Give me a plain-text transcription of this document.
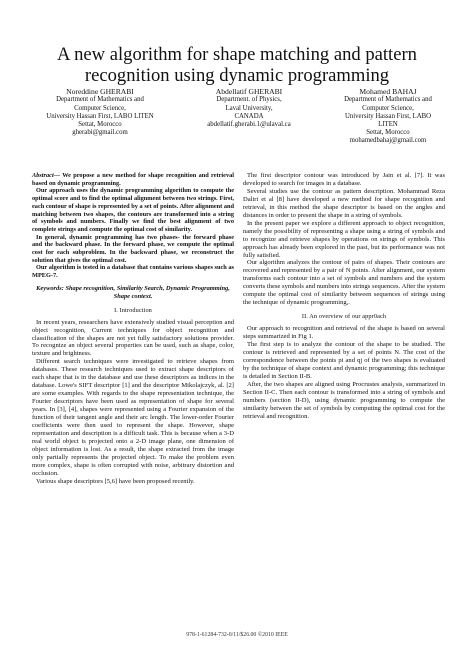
A new algorithm for shape matching and pattern recognition using dynamic programming
Noreddine GHERABI
Department of Mathematics and
Computer Science,
University Hassan First, LABO LITEN
Settat, Morocco
gherabi@gmail.com
Abdellatif GHERABI
Department. of Physics,
Laval University,
CANADA
abdellatif.gherabi.1@ulaval.ca
Mohamed BAHAJ
Department of Mathematics and
Computer Science,
University Hassan First, LABO
LITEN
Settat, Morocco
mohamedbahaj@gmail.com

Abstract— We propose a new method for shape recognition and retrieval based on dynamic programming.

Our approach uses the dynamic programming algorithm to compute the optimal score and to find the optimal alignment between two strings. First, each contour of shape is represented by a set of points. After alignment and matching between two shapes, the contours are transformed into a string of symbols and numbers. Finally we find the best alignment of two complete strings and compute the optimal cost of similarity.

In general, dynamic programming has two phases- the forward phase and the backward phase. In the forward phase, we compute the optimal cost for each subproblem. In the backward phase, we reconstruct the solution that gives the optimal cost.

Our algorithm is tested in a database that contains various shapes such as MPEG-7.

Keywords: Shape recognition, Similarity Search, Dynamic Programming, Shape context.
I. Introduction

In recent years, researchers have extensively studied visual perception and object recognition, Current techniques for object recognition and classification of the shapes are not yet fully satisfactory solutions provider. To recognize an object several properties can be used, such as shape, color, texture and brightness.

Different search techniques were investigated to retrieve shapes from databases. These research techniques used to extract shape descriptors of each shape that is in the database and use these descriptors as indices in the database. Lowe's SIFT descriptor [1] and the descriptor Mikolajczyk, al. [2] are some examples. With regards to the shape representation technique, the Fourier descriptors have been used as representation of shape for several years. In [3], [4], shapes were represented using a Fourier expansion of the function of their tangent angle and their arc length. The lower-order Fourier coefficients were then used to represent the shape. However, shape representation and description is a difficult task. This is because when a 3-D real world object is projected onto a 2-D image plane, one dimension of object information is lost. As a result, the shape extracted from the image only partially represents the projected object. To make the problem even more complex, shape is often corrupted with noise, arbitrary distortion and occlusion.

Various shape descriptors [5,6] have been proposed recently.

The first descriptor contour was introduced by Jain et al. [7]. It was developed to search for images in a database.

Several studies use the contour as pattern description. Mohammad Reza Daliri et al [8] have developed a new method for shape recognition and retrieval, in this method the shape descriptor is based on the angles and distances in order to present the shape in a string of symbols.

In the present paper we explore a different approach to object recognition, namely the possibility of representing a shape using a string of symbols and to recognize and retrieve shapes by operations on strings of symbols. This approach has already been explored in the past, but its performance was not fully satisfied.

Our algorithm analyzes the contour of pairs of shapes. Their contours are recovered and represented by a pair of N points. After alignment, our system transforms each contour into a set of symbols and numbers and the system converts these symbols and numbers into strings sequences. After the system compute the optimal cost of similarity between sequences of strings using the technique of dynamic programming,.

II. An overview of our appr0ach

Our approach to recognition and retrieval of the shape is based on several steps summarized in Fig 1.

The first step is to analyze the contour of the shape to be studied. The contour is retrieved and represented by a set of points N. The cost of the correspondence between the points pi and qj of the two shapes is evaluated by the technique of shape context and dynamic programming; this technique is detailed in Section II-B.

After, the two shapes are aligned using Procrustes analysis, summarized in Section II-C. Then each contour is transformed into a string of symbols and numbers (section II-D), using dynamic programming to compute the similarity between the set of symbols by computing the optimal cost for the retrieval and recognition.

978-1-61284-732-0/11/$26.00 ©2010 IEEE
